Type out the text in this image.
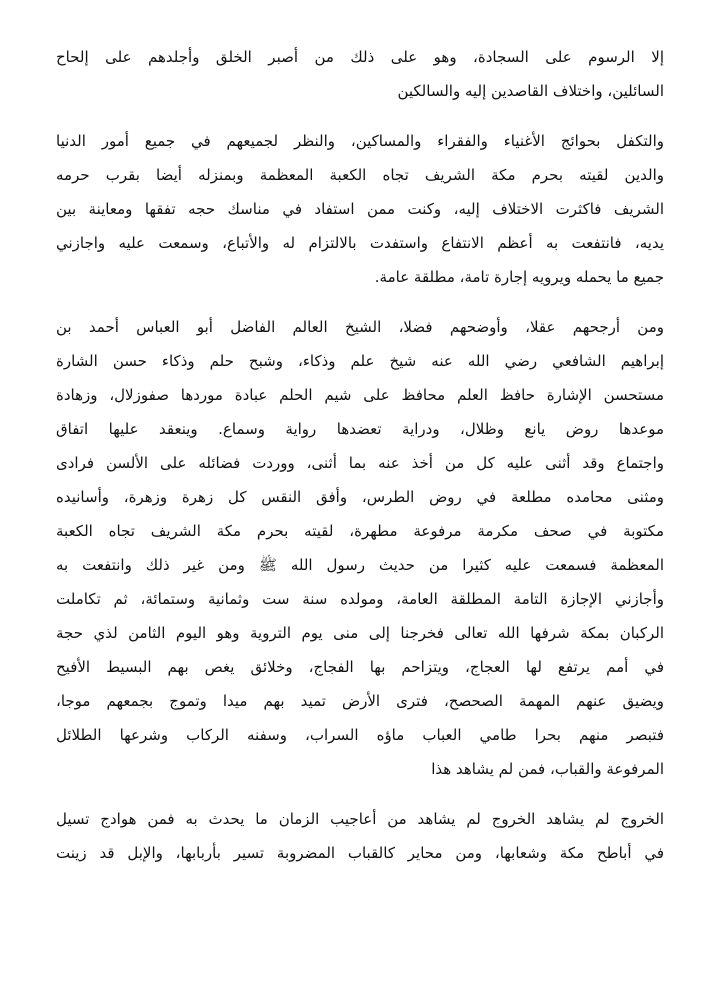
إلا الرسوم على السجادة، وهو على ذلك من أصبر الخلق وأجلدهم على إلحاح
السائلين، واختلاف القاصدين إليه والسالكين

والتكفل بحوائج الأغنياء والفقراء والمساكين، والنظر لجميعهم في جميع أمور الدنيا
والدين لقيته بحرم مكة الشريف تجاه الكعبة المعظمة وبمنزله أيضا بقرب حرمه
الشريف فاكثرت الاختلاف إليه، وكنت ممن استفاد في مناسك حجه تفقها ومعاينة بين
يديه، فانتفعت به أعظم الانتفاع واستفدت بالالتزام له والأتباع، وسمعت عليه واجازني
جميع ما يحمله ويرويه إجارة تامة، مطلقة عامة.

ومن أرجحهم عقلا، وأوضحهم فضلا، الشيخ العالم الفاضل أبو العباس أحمد بن
إبراهيم الشافعي رضي الله عنه شيخ علم وذكاء، وشبح حلم وذكاء حسن الشارة
مستحسن الإشارة حافظ العلم محافظ على شيم الحلم عبادة موردها صفوزلال، وزهادة
موعدها روض يانع وظلال، ودراية تعضدها رواية وسماع. وينعقد عليها اتفاق
واجتماع وقد أثنى عليه كل من أخذ عنه بما أثنى، ووردت فضائله على الألسن فرادى
ومثنى محامده مطلعة في روض الطرس، وأفق النقس كل زهرة وزهرة، وأسانيده
مكتوبة في صحف مكرمة مرفوعة مطهرة، لقيته بحرم مكة الشريف تجاه الكعبة
المعظمة فسمعت عليه كثيرا من حديث رسول الله ﷺ ومن غير ذلك وانتفعت به
وأجازني الإجازة التامة المطلقة العامة، ومولده سنة ست وثمانية وستمائة، ثم تكاملت
الركبان بمكة شرفها الله تعالى فخرجنا إلى منى يوم التروية وهو اليوم الثامن لذي حجة
في أمم يرتفع لها العجاج، ويتزاحم بها الفجاج، وخلائق يغص بهم البسيط الأفيح
ويضيق عنهم المهمة الصحصح، فترى الأرض تميد بهم ميدا وتموج بجمعهم موجا،
فتبصر منهم بحرا طامي العباب ماؤه السراب، وسفنه الركاب وشرعها الطلائل
المرفوعة والقباب، فمن لم يشاهد هذا

الخروج لم يشاهد الخروج لم يشاهد من أعاجيب الزمان ما يحدث به فمن هوادج تسيل
في أباطح مكة وشعابها، ومن محاير كالقباب المضروبة تسير بأربابها، والإبل قد زينت
